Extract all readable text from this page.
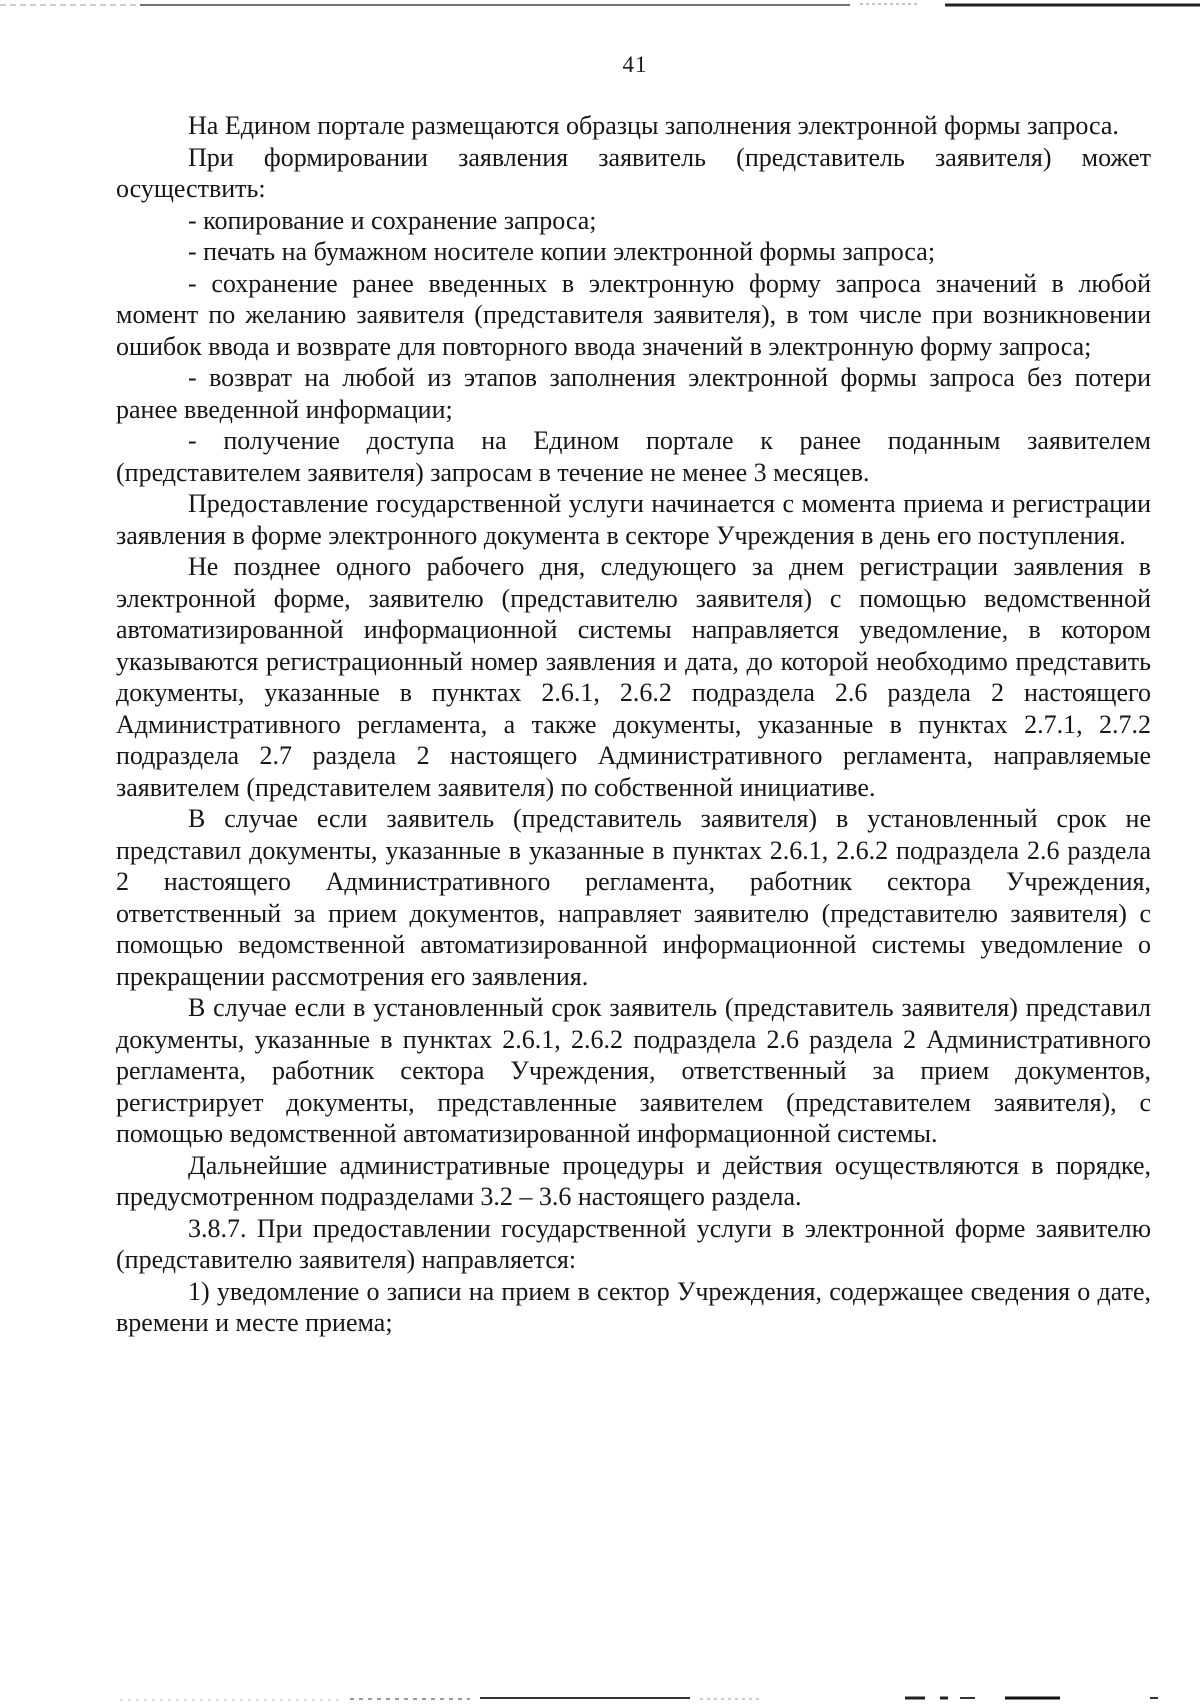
41

На Едином портале размещаются образцы заполнения электронной формы запроса.

При формировании заявления заявитель (представитель заявителя) может осуществить:

- копирование и сохранение запроса;

- печать на бумажном носителе копии электронной формы запроса;

- сохранение ранее введенных в электронную форму запроса значений в любой момент по желанию заявителя (представителя заявителя), в том числе при возникновении ошибок ввода и возврате для повторного ввода значений в электронную форму запроса;

- возврат на любой из этапов заполнения электронной формы запроса без потери ранее введенной информации;

- получение доступа на Едином портале к ранее поданным заявителем (представителем заявителя) запросам в течение не менее 3 месяцев.

Предоставление государственной услуги начинается с момента приема и регистрации заявления в форме электронного документа в секторе Учреждения в день его поступления.

Не позднее одного рабочего дня, следующего за днем регистрации заявления в электронной форме, заявителю (представителю заявителя) с помощью ведомственной автоматизированной информационной системы направляется уведомление, в котором указываются регистрационный номер заявления и дата, до которой необходимо представить документы, указанные в пунктах 2.6.1, 2.6.2 подраздела 2.6 раздела 2 настоящего Административного регламента, а также документы, указанные в пунктах 2.7.1, 2.7.2 подраздела 2.7 раздела 2 настоящего Административного регламента, направляемые заявителем (представителем заявителя) по собственной инициативе.

В случае если заявитель (представитель заявителя) в установленный срок не представил документы, указанные в указанные в пунктах 2.6.1, 2.6.2 подраздела 2.6 раздела 2 настоящего Административного регламента, работник сектора Учреждения, ответственный за прием документов, направляет заявителю (представителю заявителя) с помощью ведомственной автоматизированной информационной системы уведомление о прекращении рассмотрения его заявления.

В случае если в установленный срок заявитель (представитель заявителя) представил документы, указанные в пунктах 2.6.1, 2.6.2 подраздела 2.6 раздела 2 Административного регламента, работник сектора Учреждения, ответственный за прием документов, регистрирует документы, представленные заявителем (представителем заявителя), с помощью ведомственной автоматизированной информационной системы.

Дальнейшие административные процедуры и действия осуществляются в порядке, предусмотренном подразделами 3.2 – 3.6 настоящего раздела.

3.8.7. При предоставлении государственной услуги в электронной форме заявителю (представителю заявителя) направляется:

1) уведомление о записи на прием в сектор Учреждения, содержащее сведения о дате, времени и месте приема;
